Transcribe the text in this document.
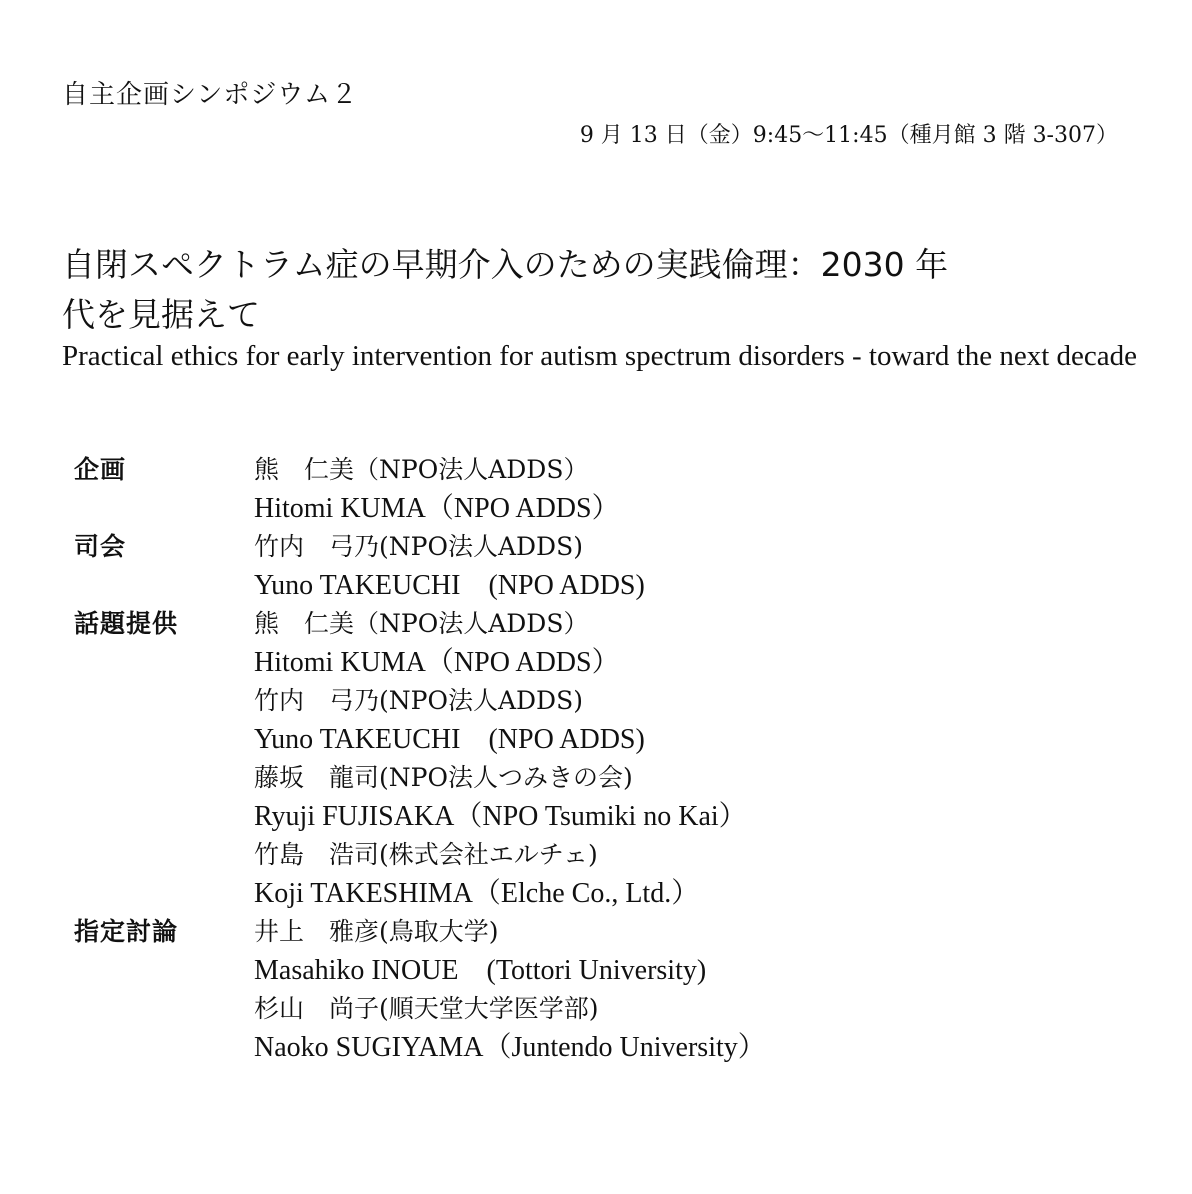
自主企画シンポジウム２

9 月 13 日（金）9:45～11:45（種月館 3 階 3-307）

自閉スペクトラム症の早期介入のための実践倫理：2030 年
代を見据えて

Practical ethics for early intervention for autism spectrum disorders - toward the next decade

企画	熊　仁美（NPO法人ADDS）
Hitomi KUMA（NPO ADDS）
司会	竹内　弓乃(NPO法人ADDS)
Yuno TAKEUCHI　(NPO ADDS)
話題提供	熊　仁美（NPO法人ADDS）
Hitomi KUMA（NPO ADDS）
竹内　弓乃(NPO法人ADDS)
Yuno TAKEUCHI　(NPO ADDS)
藤坂　龍司(NPO法人つみきの会)
Ryuji FUJISAKA（NPO Tsumiki no Kai）
竹島　浩司(株式会社エルチェ)
Koji TAKESHIMA（Elche Co., Ltd.）
指定討論	井上　雅彦(鳥取大学)
Masahiko INOUE　(Tottori University)
杉山　尚子(順天堂大学医学部)
Naoko SUGIYAMA（Juntendo University）
